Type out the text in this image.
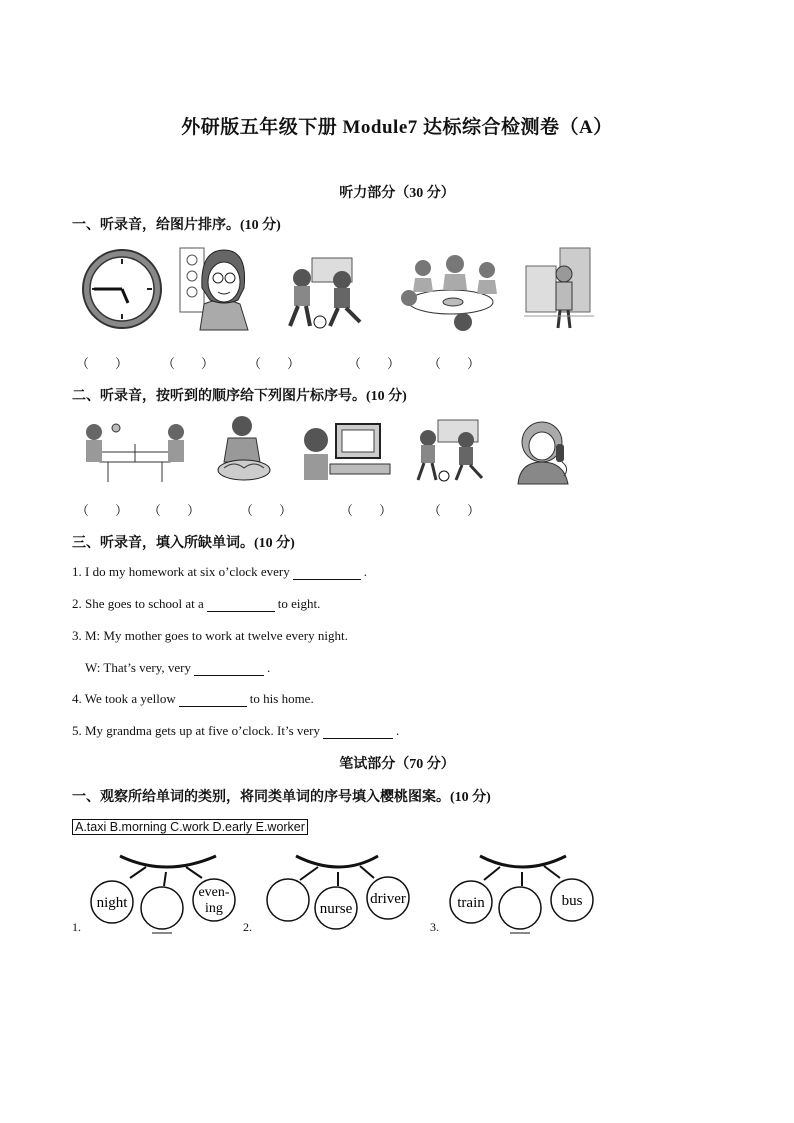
外研版五年级下册 Module7 达标综合检测卷（A）
听力部分（30 分）
一、听录音，给图片排序。(10 分)
（　　）	（　　）	（　　）	（　　） （　　）
二、听录音，按听到的顺序给下列图片标序号。(10 分)
（　　） （　　）	（　　）	（　　）	（　　）
三、听录音，填入所缺单词。(10 分)
1. I do my homework at six o’clock every	.
2. She goes to school at a	to eight.
3. M: My mother goes to work at twelve every night.
W: That’s very, very	.
4. We took a yellow	to his home.
5. My grandma gets up at five o’clock. It’s very	.
笔试部分（70 分）
一、观察所给单词的类别，将同类单词的序号填入樱桃图案。(10 分)
A.taxi B.morning C.work D.early E.worker
1.
night
even-
ing
2.
nurse
driver
3.
train	bus
